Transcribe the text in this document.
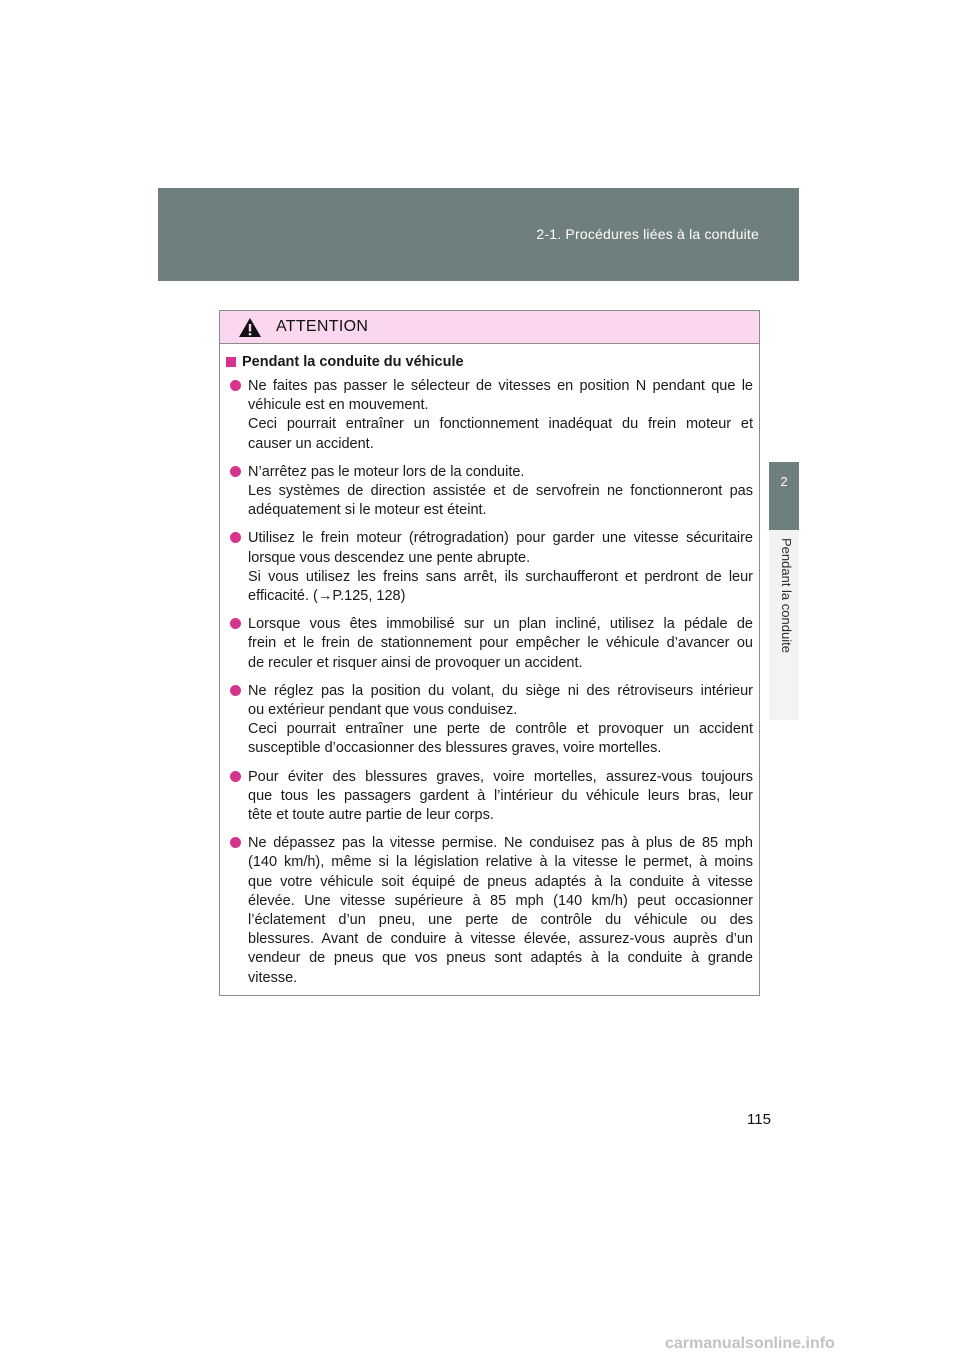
2-1. Procédures liées à la conduite
2
Pendant la conduite
ATTENTION
Pendant la conduite du véhicule
Ne faites pas passer le sélecteur de vitesses en position N pendant que le
véhicule est en mouvement.
Ceci pourrait entraîner un fonctionnement inadéquat du frein moteur et
causer un accident.
N’arrêtez pas le moteur lors de la conduite.
Les systèmes de direction assistée et de servofrein ne fonctionneront pas
adéquatement si le moteur est éteint.
Utilisez le frein moteur (rétrogradation) pour garder une vitesse sécuritaire
lorsque vous descendez une pente abrupte.
Si vous utilisez les freins sans arrêt, ils surchaufferont et perdront de leur
efficacité. (→P.125, 128)
Lorsque vous êtes immobilisé sur un plan incliné, utilisez la pédale de
frein et le frein de stationnement pour empêcher le véhicule d’avancer ou
de reculer et risquer ainsi de provoquer un accident.
Ne réglez pas la position du volant, du siège ni des rétroviseurs intérieur
ou extérieur pendant que vous conduisez.
Ceci pourrait entraîner une perte de contrôle et provoquer un accident
susceptible d’occasionner des blessures graves, voire mortelles.
Pour éviter des blessures graves, voire mortelles, assurez-vous toujours
que tous les passagers gardent à l’intérieur du véhicule leurs bras, leur
tête et toute autre partie de leur corps.
Ne dépassez pas la vitesse permise. Ne conduisez pas à plus de 85 mph
(140 km/h), même si la législation relative à la vitesse le permet, à moins
que votre véhicule soit équipé de pneus adaptés à la conduite à vitesse
élevée. Une vitesse supérieure à 85 mph (140 km/h) peut occasionner
l’éclatement d’un pneu, une perte de contrôle du véhicule ou des
blessures. Avant de conduire à vitesse élevée, assurez-vous auprès d’un
vendeur de pneus que vos pneus sont adaptés à la conduite à grande
vitesse.
115
carmanualsonline.info
